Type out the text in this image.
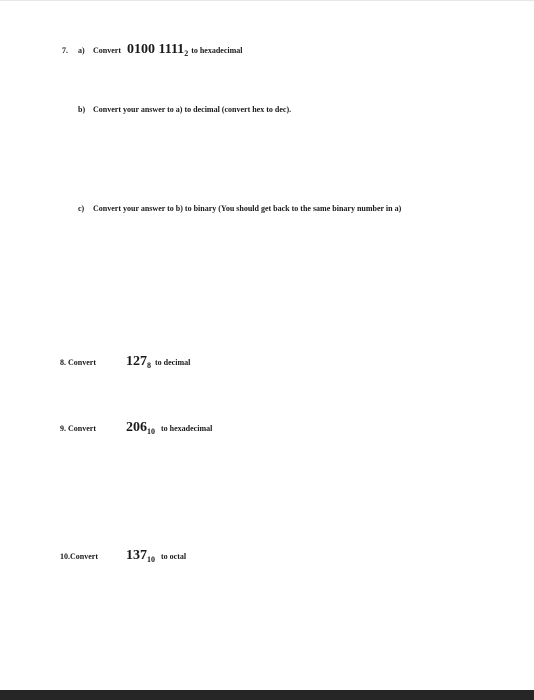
7. a) Convert 0100 11112 to hexadecimal
b) Convert your answer to a) to decimal (convert hex to dec).
c) Convert your answer to b) to binary (You should get back to the same binary number in a)
8. Convert 1278 to decimal
9. Convert 20610 to hexadecimal
10.Convert 13710 to octal
